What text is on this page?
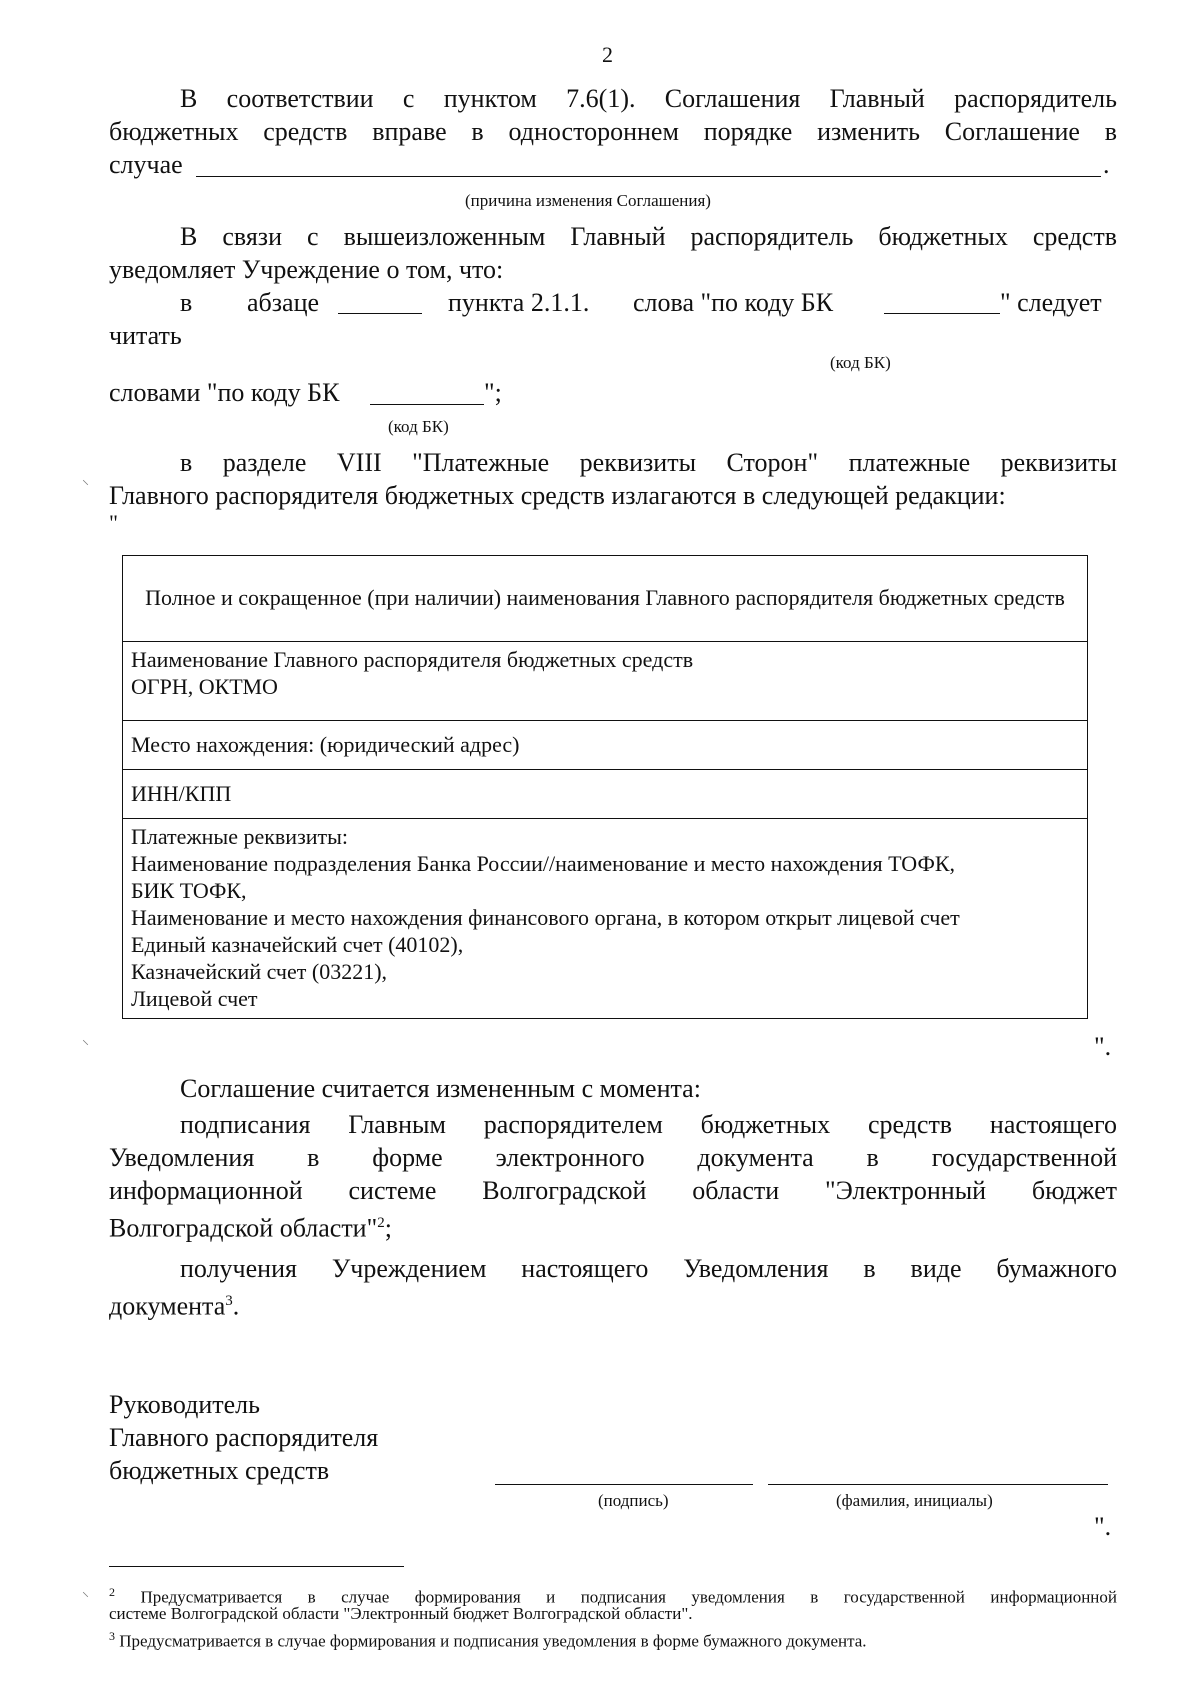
2
В соответствии с пунктом 7.6(1). Соглашения Главный распорядитель
бюджетных средств вправе в одностороннем порядке изменить Соглашение в
случае	.
(причина изменения Соглашения)
В связи с вышеизложенным Главный распорядитель бюджетных средств
уведомляет Учреждение о том, что:
в абзаце	пункта 2.1.1. слова "по коду БК	" следует
читать
(код БК)
словами "по коду БК	";
(код БК)
в разделе VIII "Платежные реквизиты Сторон" платежные реквизиты
Главного распорядителя бюджетных средств излагаются в следующей редакции:
"
Полное и сокращенное (при наличии) наименования Главного распорядителя бюджетных средств

Наименование Главного распорядителя бюджетных средств
ОГРН, ОКТМО

Место нахождения: (юридический адрес)
ИНН/КПП

Платежные реквизиты:
Наименование подразделения Банка России//наименование и место нахождения ТОФК,
БИК ТОФК,
Наименование и место нахождения финансового органа, в котором открыт лицевой счет
Единый казначейский счет (40102),
Казначейский счет (03221),
Лицевой счет
".
Соглашение считается измененным с момента:
подписания Главным распорядителем бюджетных средств настоящего
Уведомления в форме электронного документа в государственной
информационной системе Волгоградской области "Электронный бюджет
Волгоградской области"$^2$;
получения Учреждением настоящего Уведомления в виде бумажного
документа$^3$.
Руководитель
Главного распорядителя
бюджетных средств
(подпись)	(фамилия, инициалы)
".
$^2$ Предусматривается в случае формирования и подписания уведомления в государственной информационной
системе Волгоградской области "Электронный бюджет Волгоградской области".
$^3$ Предусматривается в случае формирования и подписания уведомления в форме бумажного документа.
⸜
⸜
⸜
